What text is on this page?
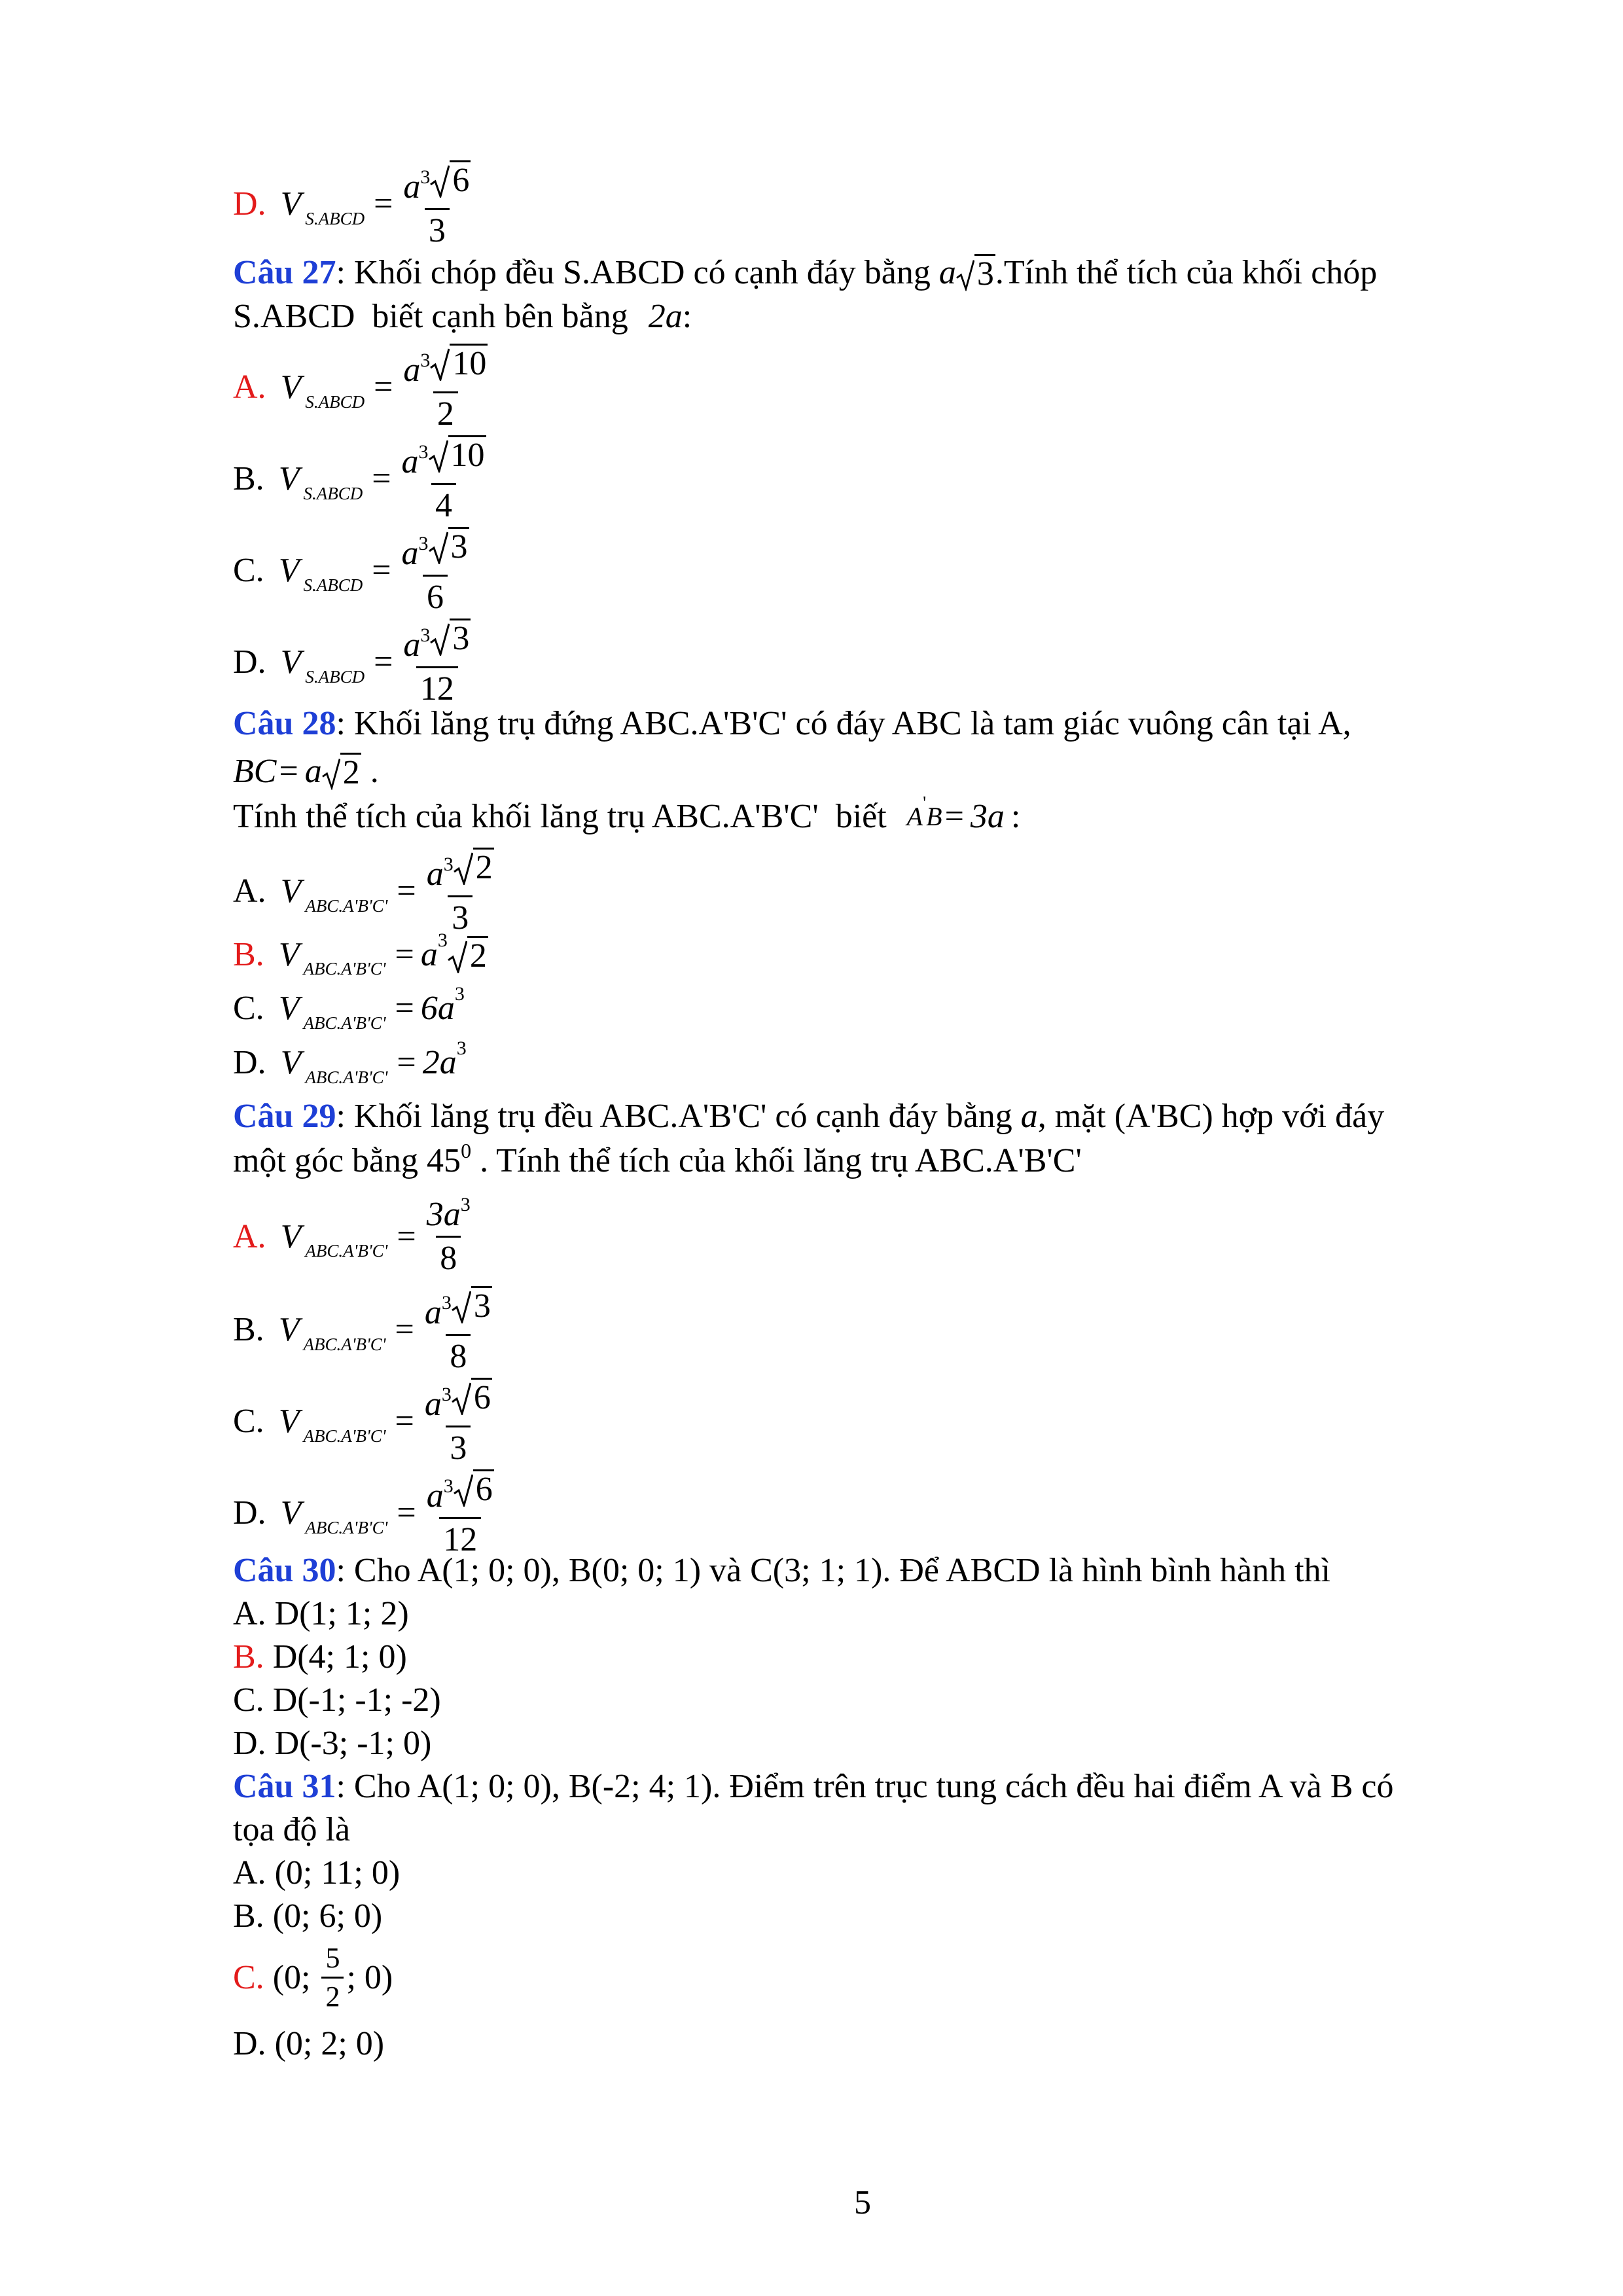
D. V S.ABCD = $\frac{a^3 6}{3}$
Câu 27 : Khối chóp đều S.ABCD có cạnh đáy bằng a 3 .Tính thể tích của khối chóp
S.ABCD  biết cạnh bên bằng 2a :
A. V S.ABCD = $\frac{a^3 10}{2}$
B. V S.ABCD = $\frac{a^3 10}{4}$
C. V S.ABCD = $\frac{a^3 3}{6}$
D. V S.ABCD = $\frac{a^3 3}{12}$
Câu 28 : Khối lăng trụ đứng ABC.A'B'C' có đáy ABC là tam giác vuông cân tại A,
BC = a 2 .
Tính thể tích của khối lăng trụ ABC.A'B'C'  biết A ' B = 3a :
A. V $ABC.A'B'C' = \frac{a^3 2}{3}$
B. V ABC.A'B'C' = a 3 2
C. V ABC.A'B'C' = 6a 3
D. V ABC.A'B'C' = 2a 3
Câu 29 : Khối lăng trụ đều ABC.A'B'C' có cạnh đáy bằng a , mặt (A'BC) hợp với đáy
một góc bằng 45 0 . Tính thể tích của khối lăng trụ ABC.A'B'C'
A. V $ABC.A'B'C' = \frac{3a^3}{8}$
B. V $ABC.A'B'C' = \frac{a^3 3}{8}$
C. V $ABC.A'B'C' = \frac{a^3 6}{3}$
D. V $ABC.A'B'C' = \frac{a^3 6}{12}$
Câu 30: Cho A(1; 0; 0), B(0; 0; 1) và C(3; 1; 1). Để ABCD là hình bình hành thì
A. D(1; 1; 2)
B. D(4; 1; 0)
C. D(-1; -1; -2)
D. D(-3; -1; 0)
Câu 31: Cho A(1; 0; 0), B(-2; 4; 1). Điểm trên trục tung cách đều hai điểm A và B có
tọa độ là
A. (0; 11; 0)
B. (0; 6; 0)
C. (0; $\frac{5}{2}$ ; 0)
D. (0; 2; 0)
5
